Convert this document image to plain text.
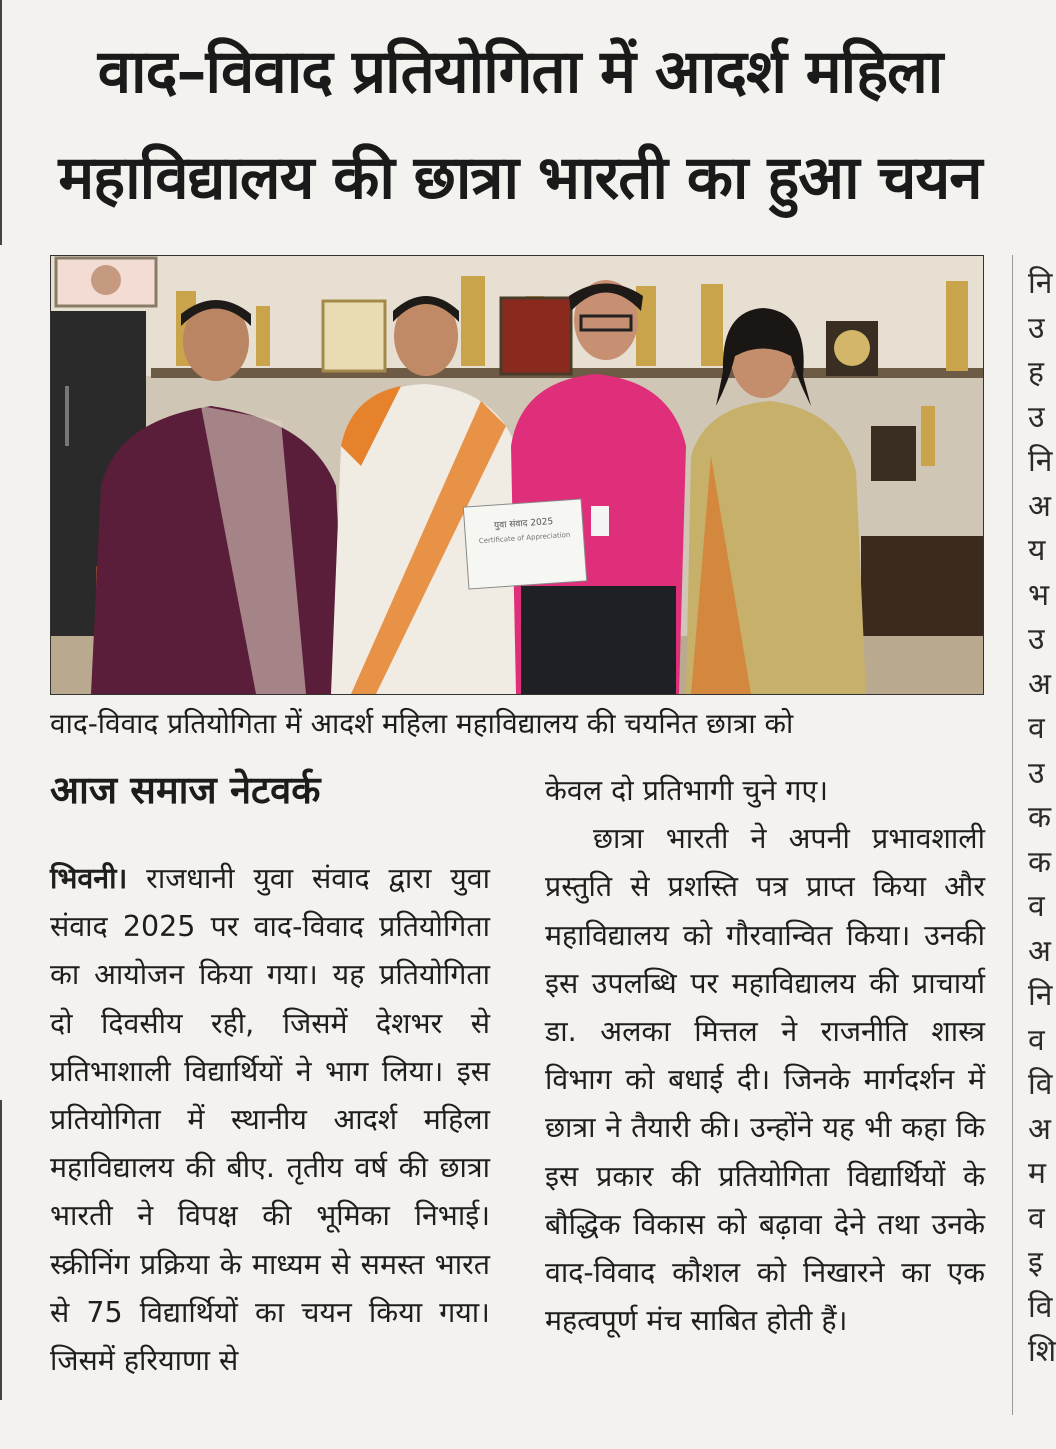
वाद–विवाद प्रतियोगिता में आदर्श महिला
महाविद्यालय की छात्रा भारती का हुआ चयन
युवा संवाद 2025
Certificate of Appreciation

वाद-विवाद प्रतियोगिता में आदर्श महिला महाविद्यालय की चयनित छात्रा को

आज समाज नेटवर्क

भिवनी। राजधानी युवा संवाद द्वारा युवा संवाद 2025 पर वाद-विवाद प्रतियोगिता का आयोजन किया गया। यह प्रतियोगिता दो दिवसीय रही, जिसमें देशभर से प्रतिभाशाली विद्यार्थियों ने भाग लिया। इस प्रतियोगिता में स्थानीय आदर्श महिला महाविद्यालय की बीए. तृतीय वर्ष की छात्रा भारती ने विपक्ष की भूमिका निभाई। स्क्रीनिंग प्रक्रिया के माध्यम से समस्त भारत से 75 विद्यार्थियों का चयन किया गया। जिसमें हरियाणा से

केवल दो प्रतिभागी चुने गए।
छात्रा भारती ने अपनी प्रभावशाली प्रस्तुति से प्रशस्ति पत्र प्राप्त किया और महाविद्यालय को गौरवान्वित किया। उनकी इस उपलब्धि पर महाविद्यालय की प्राचार्या डा. अलका मित्तल ने राजनीति शास्त्र विभाग को बधाई दी। जिनके मार्गदर्शन में छात्रा ने तैयारी की। उन्होंने यह भी कहा कि इस प्रकार की प्रतियोगिता विद्यार्थियों के बौद्धिक विकास को बढ़ावा देने तथा उनके वाद-विवाद कौशल को निखारने का एक महत्वपूर्ण मंच साबित होती हैं।

नि
उ
ह
उ
नि
अ
य
भ
उ
अ
व
उ
क
क
व
अ
नि
व
वि
अ
म
व
इ
वि
शि
